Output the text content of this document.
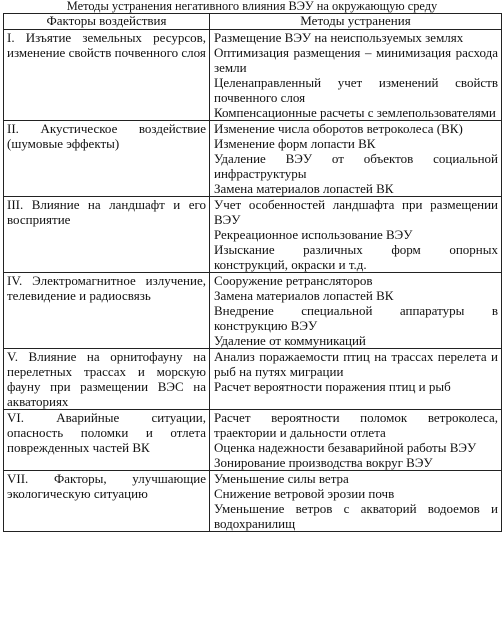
Методы устранения негативного влияния ВЭУ на окружающую среду
Факторы воздействия	Методы устранения
I. Изъятие земельных ресурсов, изменение свойств почвенного слоя	Размещение ВЭУ на неиспользуемых землях
Оптимизация размещения – минимизация расхода земли
Целенаправленный учет изменений свойств почвенного слоя
Компенсационные расчеты с землепользователями

II. Акустическое воздействие (шумовые эффекты)	Изменение числа оборотов ветроколеса (ВК)
Изменение форм лопасти ВК
Удаление ВЭУ от объектов социальной инфраструктуры
Замена материалов лопастей ВК

III. Влияние на ландшафт и его восприятие	Учет особенностей ландшафта при размещении ВЭУ
Рекреационное использование ВЭУ
Изыскание различных форм опорных конструкций, окраски и т.д.

IV. Электромагнитное излучение, телевидение и радиосвязь	Сооружение ретрансляторов
Замена материалов лопастей ВК
Внедрение специальной аппаратуры в конструкцию ВЭУ
Удаление от коммуникаций

V. Влияние на орнитофауну на перелетных трассах и морскую фауну при размещении ВЭС на акваториях	Анализ поражаемости птиц на трассах перелета и рыб на путях миграции
Расчет вероятности поражения птиц и рыб

VI. Аварийные ситуации, опасность поломки и отлета поврежденных частей ВК	Расчет вероятности поломок ветроколеса, траектории и дальности отлета
Оценка надежности безаварийной работы ВЭУ
Зонирование производства вокруг ВЭУ

VII. Факторы, улучшающие экологическую ситуацию	Уменьшение силы ветра
Снижение ветровой эрозии почв
Уменьшение ветров с акваторий водоемов и водохранилищ
